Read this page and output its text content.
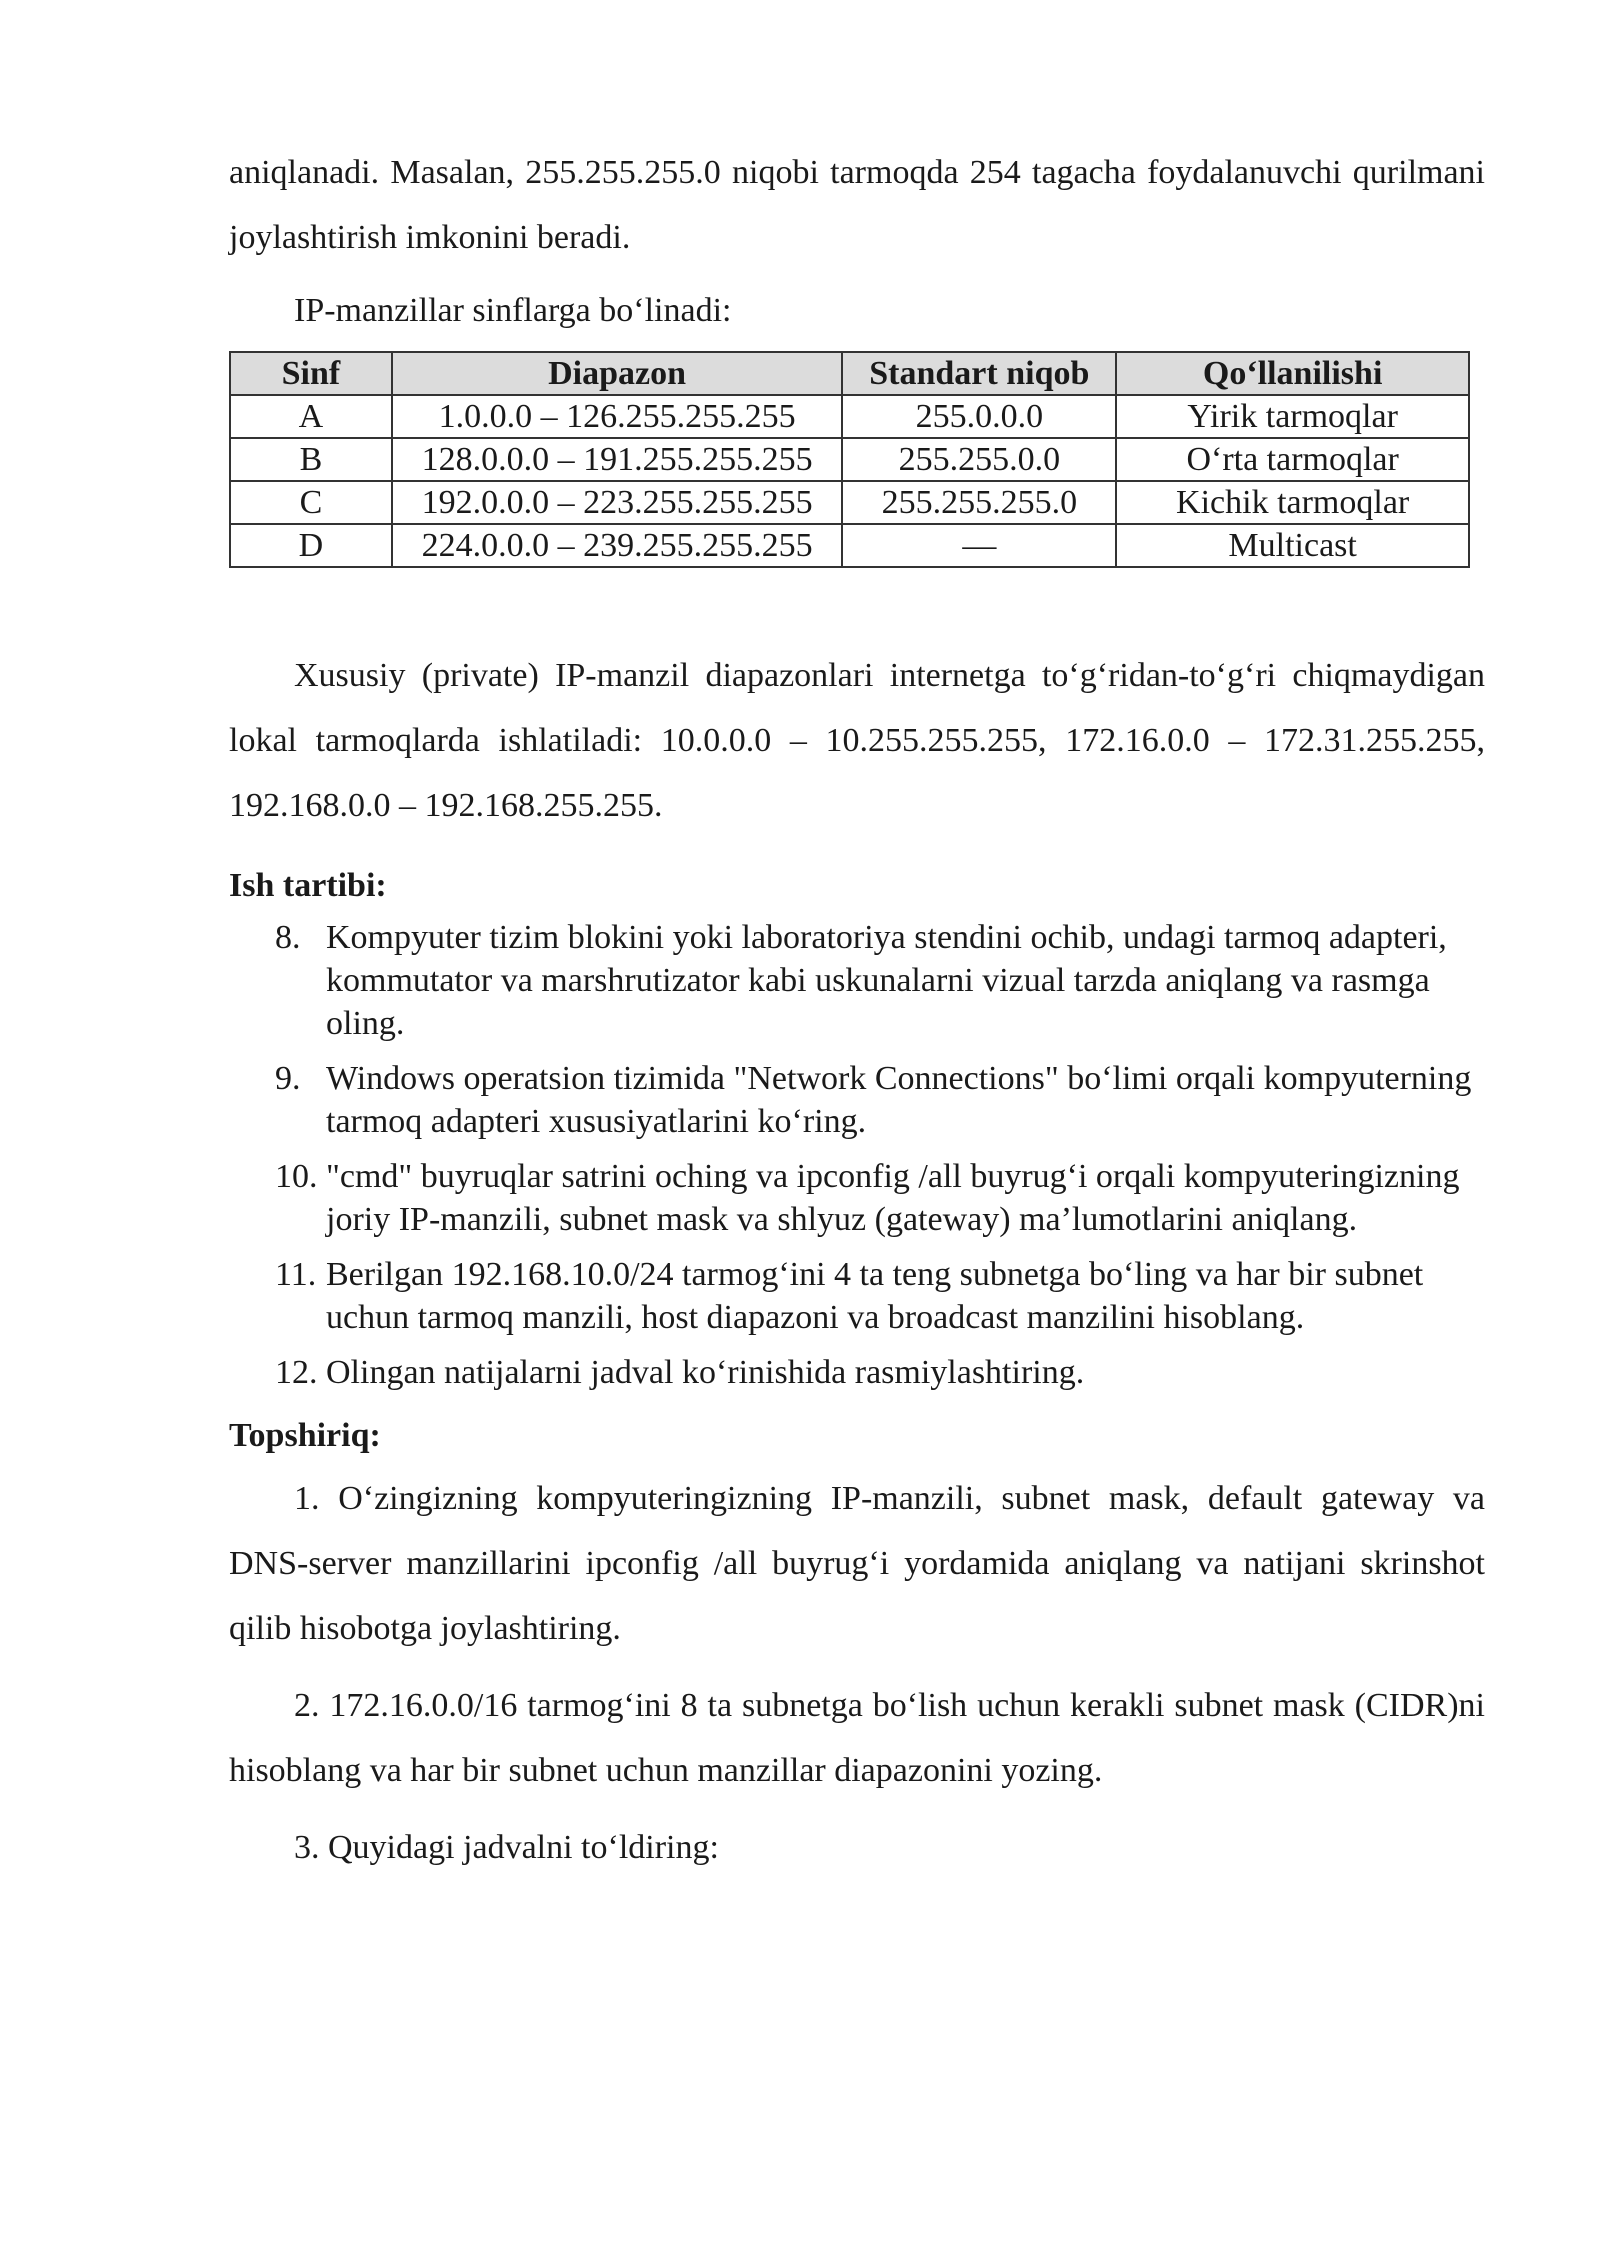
aniqlanadi. Masalan, 255.255.255.0 niqobi tarmoqda 254 tagacha foydalanuvchi qurilmani joylashtirish imkonini beradi.

IP-manzillar sinflarga bo‘linadi:

Sinf	Diapazon	Standart niqob	Qo‘llanilishi
A	1.0.0.0 – 126.255.255.255	255.0.0.0	Yirik tarmoqlar
B	128.0.0.0 – 191.255.255.255	255.255.0.0	O‘rta tarmoqlar
C	192.0.0.0 – 223.255.255.255	255.255.255.0	Kichik tarmoqlar
D	224.0.0.0 – 239.255.255.255	—	Multicast

Xususiy (private) IP-manzil diapazonlari internetga to‘g‘ridan-to‘g‘ri chiqmaydigan lokal tarmoqlarda ishlatiladi: 10.0.0.0 – 10.255.255.255, 172.16.0.0 – 172.31.255.255, 192.168.0.0 – 192.168.255.255.

Ish tartibi:
8. Kompyuter tizim blokini yoki laboratoriya stendini ochib, undagi tarmoq adapteri, kommutator va marshrutizator kabi uskunalarni vizual tarzda aniqlang va rasmga oling.
9. Windows operatsion tizimida "Network Connections" bo‘limi orqali kompyuterning tarmoq adapteri xususiyatlarini ko‘ring.
10. "cmd" buyruqlar satrini oching va ipconfig /all buyrug‘i orqali kompyuteringizning joriy IP-manzili, subnet mask va shlyuz (gateway) ma’lumotlarini aniqlang.
11. Berilgan 192.168.10.0/24 tarmog‘ini 4 ta teng subnetga bo‘ling va har bir subnet uchun tarmoq manzili, host diapazoni va broadcast manzilini hisoblang.
12. Olingan natijalarni jadval ko‘rinishida rasmiylashtiring.
Topshiriq:

1. O‘zingizning kompyuteringizning IP-manzili, subnet mask, default gateway va DNS-server manzillarini ipconfig /all buyrug‘i yordamida aniqlang va natijani skrinshot qilib hisobotga joylashtiring.

2. 172.16.0.0/16 tarmog‘ini 8 ta subnetga bo‘lish uchun kerakli subnet mask (CIDR)ni hisoblang va har bir subnet uchun manzillar diapazonini yozing.

3. Quyidagi jadvalni to‘ldiring:
